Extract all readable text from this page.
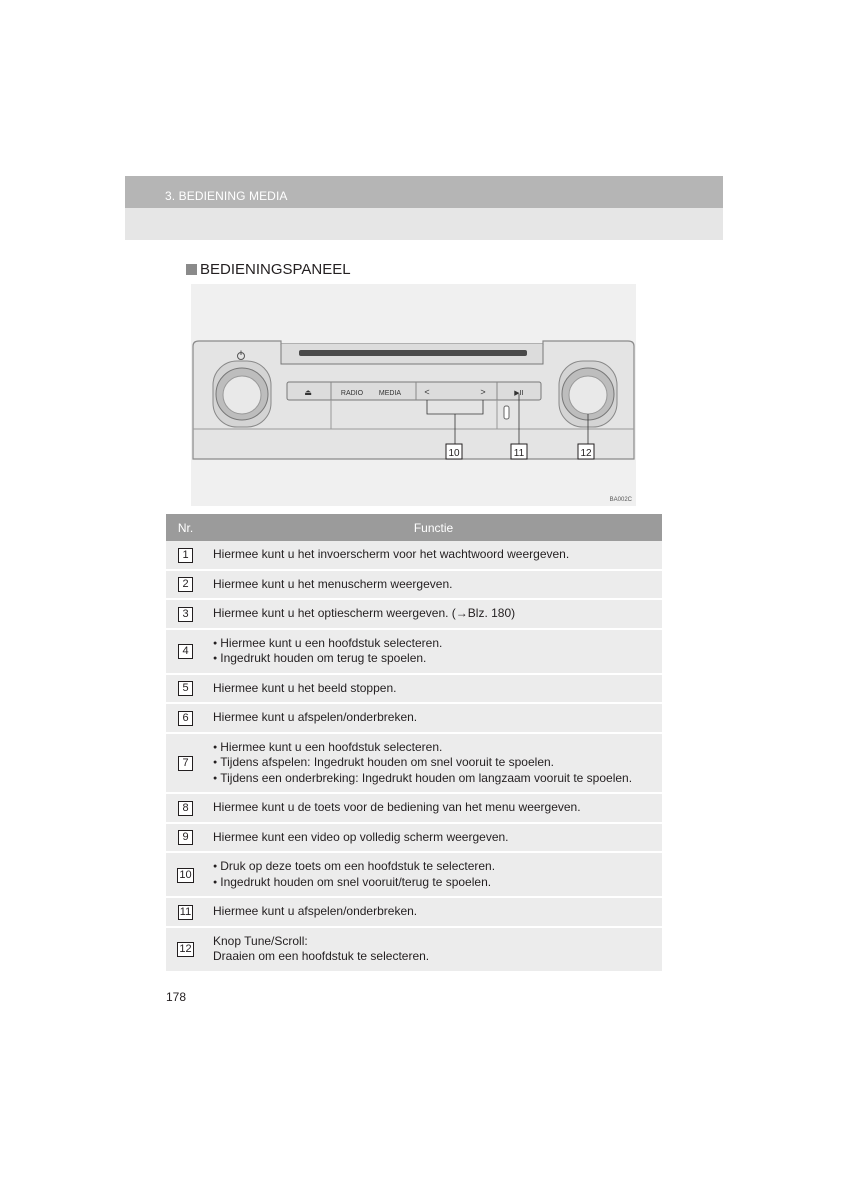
3. BEDIENING MEDIA
BEDIENINGSPANEEL
⏏	RADIO MEDIA	<	>	▶II
10	11	12
BA002C
Nr.	Functie
1	Hiermee kunt u het invoerscherm voor het wachtwoord weergeven.

2	Hiermee kunt u het menuscherm weergeven.

3	Hiermee kunt u het optiescherm weergeven. (→Blz. 180)

4	● Hiermee kunt u een hoofdstuk selecteren.
● Ingedrukt houden om terug te spoelen.

5	Hiermee kunt u het beeld stoppen.

6	Hiermee kunt u afspelen/onderbreken.

7	● Hiermee kunt u een hoofdstuk selecteren.
● Tijdens afspelen: Ingedrukt houden om snel vooruit te spoelen.
● Tijdens een onderbreking: Ingedrukt houden om langzaam vooruit te spoelen.

8	Hiermee kunt u de toets voor de bediening van het menu weergeven.

9	Hiermee kunt een video op volledig scherm weergeven.

10	● Druk op deze toets om een hoofdstuk te selecteren.
● Ingedrukt houden om snel vooruit/terug te spoelen.

11	Hiermee kunt u afspelen/onderbreken.

12	Knop Tune/Scroll:
Draaien om een hoofdstuk te selecteren.
178
